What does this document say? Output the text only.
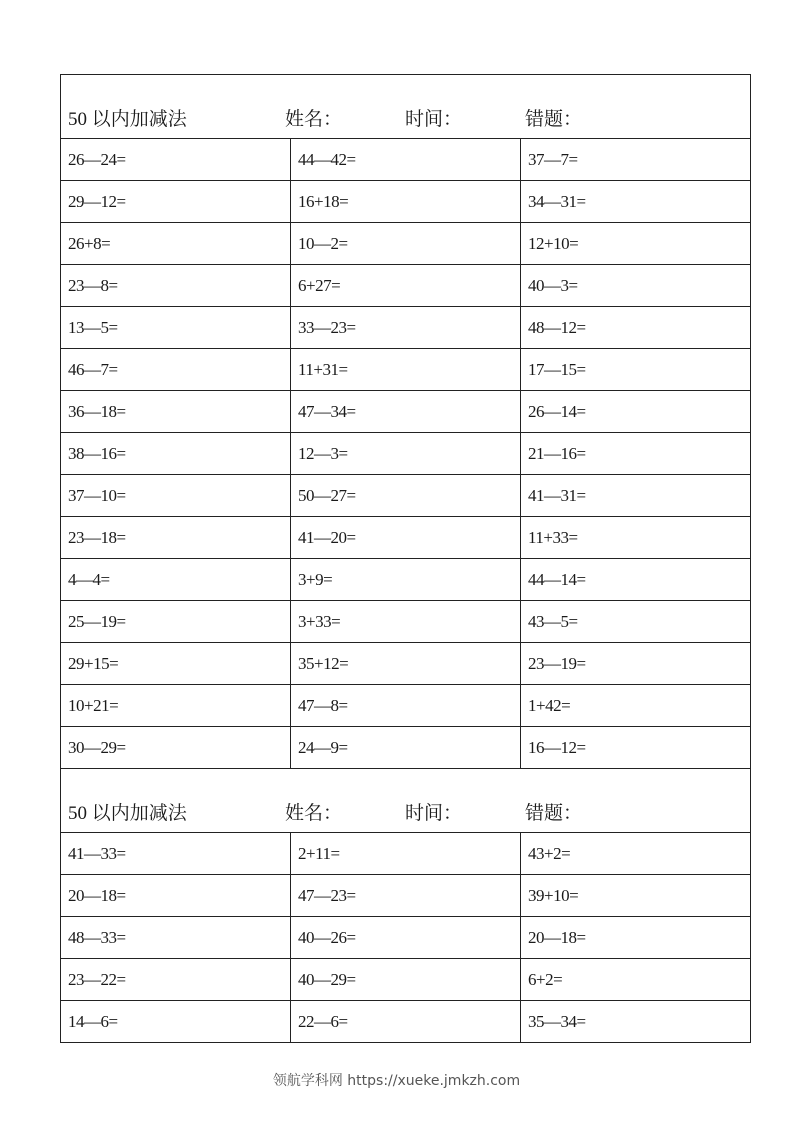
50 以内加减法	姓名：	时间：	错题：
26—24=	44—42=	37—7=
29—12=	16+18=	34—31=
26+8=	10—2=	12+10=
23—8=	6+27=	40—3=
13—5=	33—23=	48—12=
46—7=	11+31=	17—15=
36—18=	47—34=	26—14=
38—16=	12—3=	21—16=
37—10=	50—27=	41—31=
23—18=	41—20=	11+33=
4—4=	3+9=	44—14=
25—19=	3+33=	43—5=
29+15=	35+12=	23—19=
10+21=	47—8=	1+42=
30—29=	24—9=	16—12=
50 以内加减法	姓名：	时间：	错题：
41—33=	2+11=	43+2=
20—18=	47—23=	39+10=
48—33=	40—26=	20—18=
23—22=	40—29=	6+2=
14—6=	22—6=	35—34=
领航学科网 https://xueke.jmkzh.com
